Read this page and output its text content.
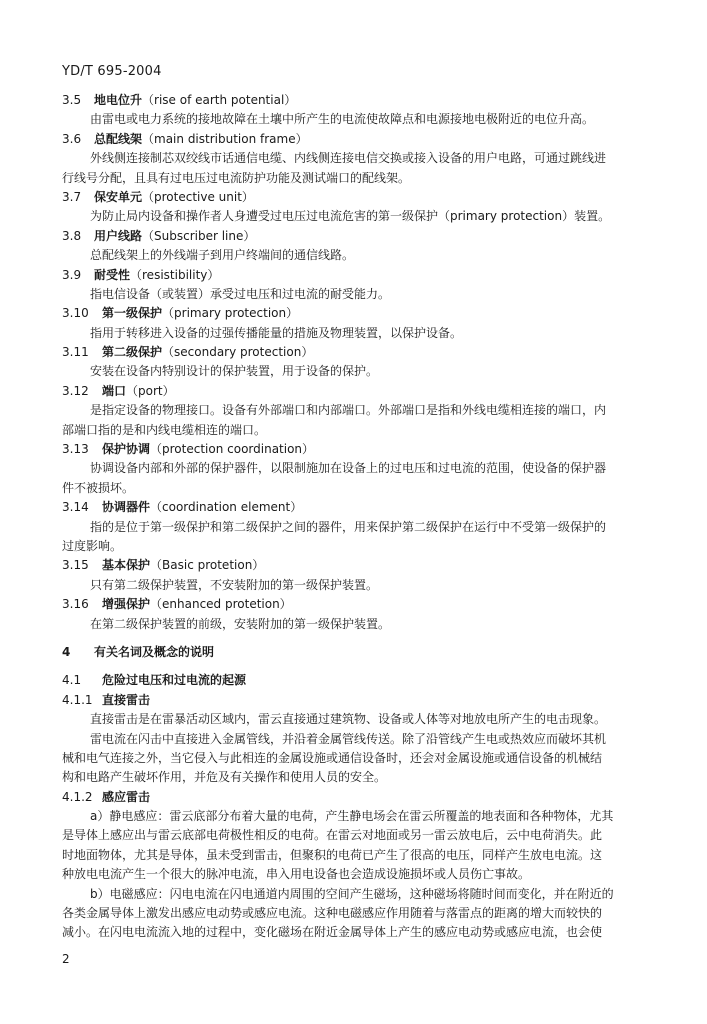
YD/T 695-2004
3.5 地电位升（rise of earth potential）
由雷电或电力系统的接地故障在土壤中所产生的电流使故障点和电源接地电极附近的电位升高。
3.6 总配线架（main distribution frame）
外线侧连接制芯双绞线市话通信电缆、内线侧连接电信交换或接入设备的用户电路，可通过跳线进
行线号分配，且具有过电压过电流防护功能及测试端口的配线架。
3.7 保安单元（protective unit）
为防止局内设备和操作者人身遭受过电压过电流危害的第一级保护（primary protection）装置。
3.8 用户线路（Subscriber line）
总配线架上的外线端子到用户终端间的通信线路。
3.9 耐受性（resistibility）
指电信设备（或装置）承受过电压和过电流的耐受能力。
3.10 第一级保护（primary protection）
指用于转移进入设备的过强传播能量的措施及物理装置，以保护设备。
3.11 第二级保护（secondary protection）
安装在设备内特别设计的保护装置，用于设备的保护。
3.12 端口（port）
是指定设备的物理接口。设备有外部端口和内部端口。外部端口是指和外线电缆相连接的端口，内
部端口指的是和内线电缆相连的端口。
3.13 保护协调（protection coordination）
协调设备内部和外部的保护器件，以限制施加在设备上的过电压和过电流的范围，使设备的保护器
件不被损坏。
3.14 协调器件（coordination element）
指的是位于第一级保护和第二级保护之间的器件，用来保护第二级保护在运行中不受第一级保护的
过度影响。
3.15 基本保护（Basic protetion）
只有第二级保护装置，不安装附加的第一级保护装置。
3.16 增强保护（enhanced protetion）
在第二级保护装置的前级，安装附加的第一级保护装置。
4 有关名词及概念的说明
4.1 危险过电压和过电流的起源
4.1.1 直接雷击
直接雷击是在雷暴活动区域内，雷云直接通过建筑物、设备或人体等对地放电所产生的电击现象。
雷电流在闪击中直接进入金属管线，并沿着金属管线传送。除了沿管线产生电或热效应而破坏其机
械和电气连接之外，当它侵入与此相连的金属设施或通信设备时，还会对金属设施或通信设备的机械结
构和电路产生破坏作用，并危及有关操作和使用人员的安全。
4.1.2 感应雷击
a）静电感应：雷云底部分布着大量的电荷，产生静电场会在雷云所覆盖的地表面和各种物体，尤其
是导体上感应出与雷云底部电荷极性相反的电荷。在雷云对地面或另一雷云放电后，云中电荷消失。此
时地面物体，尤其是导体，虽未受到雷击，但聚积的电荷已产生了很高的电压，同样产生放电电流。这
种放电电流产生一个很大的脉冲电流，串入用电设备也会造成设施损坏或人员伤亡事故。
b）电磁感应：闪电电流在闪电通道内周围的空间产生磁场，这种磁场将随时间而变化，并在附近的
各类金属导体上激发出感应电动势或感应电流。这种电磁感应作用随着与落雷点的距离的增大而较快的
减小。在闪电电流流入地的过程中，变化磁场在附近金属导体上产生的感应电动势或感应电流，也会使
2
